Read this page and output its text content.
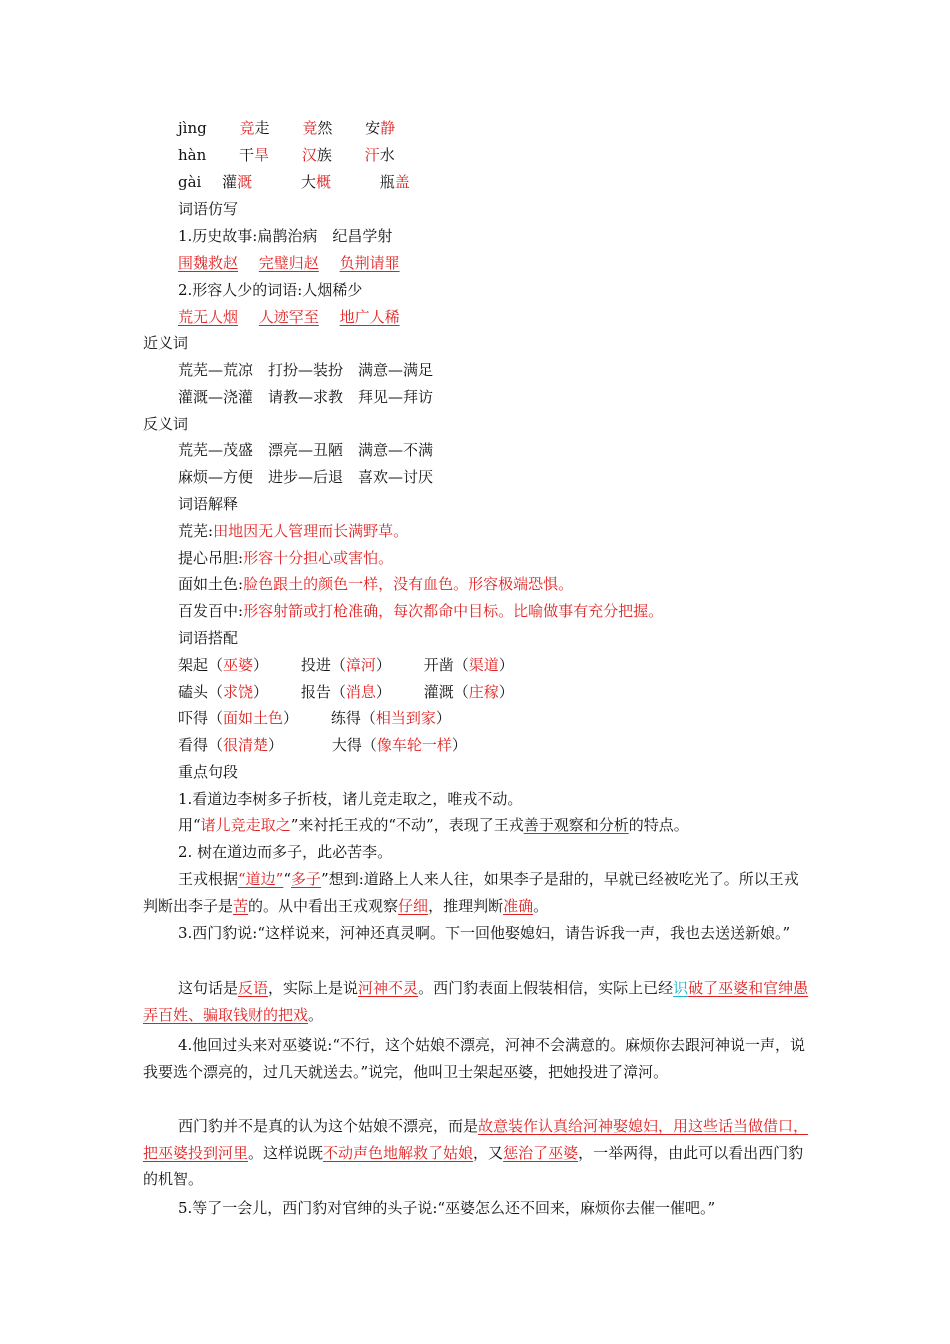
jìng 竞走 竟然 安静
hàn 干旱 汉族 汗水
gài 灌溉	大概	瓶盖
词语仿写
1.历史故事:扁鹊治病　纪昌学射
围魏救赵 完璧归赵 负荆请罪
2.形容人少的词语:人烟稀少
荒无人烟 人迹罕至 地广人稀
近义词
荒芜—荒凉　打扮—装扮　满意—满足
灌溉—浇灌　请教—求教　拜见—拜访
反义词
荒芜—茂盛　漂亮—丑陋　满意—不满
麻烦—方便　进步—后退　喜欢—讨厌
词语解释
荒芜:田地因无人管理而长满野草。
提心吊胆:形容十分担心或害怕。
面如土色:脸色跟土的颜色一样，没有血色。形容极端恐惧。
百发百中:形容射箭或打枪准确，每次都命中目标。比喻做事有充分把握。
词语搭配
架起（巫婆） 投进（漳河） 开凿（渠道）
磕头（求饶） 报告（消息） 灌溉（庄稼）
吓得（面如土色） 练得（相当到家）
看得（很清楚）	大得（像车轮一样）
重点句段
1.看道边李树多子折枝，诸儿竞走取之，唯戎不动。
用“诸儿竞走取之”来衬托王戎的“不动”，表现了王戎善于观察和分析的特点。
2. 树在道边而多子，此必苦李。
王戎根据“道边”“多子”想到:道路上人来人往，如果李子是甜的，早就已经被吃光了。所以王戎判断出李子是苦的。从中看出王戎观察仔细，推理判断准确。
3.西门豹说:“这样说来，河神还真灵啊。下一回他娶媳妇，请告诉我一声，我也去送送新娘。”
这句话是反语，实际上是说河神不灵。西门豹表面上假装相信，实际上已经识破了巫婆和官绅愚弄百姓、骗取钱财的把戏。
4.他回过头来对巫婆说:“不行，这个姑娘不漂亮，河神不会满意的。麻烦你去跟河神说一声，说我要选个漂亮的，过几天就送去。”说完，他叫卫士架起巫婆，把她投进了漳河。
西门豹并不是真的认为这个姑娘不漂亮，而是故意装作认真给河神娶媳妇，用这些话当做借口，把巫婆投到河里。这样说既不动声色地解救了姑娘，又惩治了巫婆，一举两得，由此可以看出西门豹的机智。
5.等了一会儿，西门豹对官绅的头子说:“巫婆怎么还不回来，麻烦你去催一催吧。”
